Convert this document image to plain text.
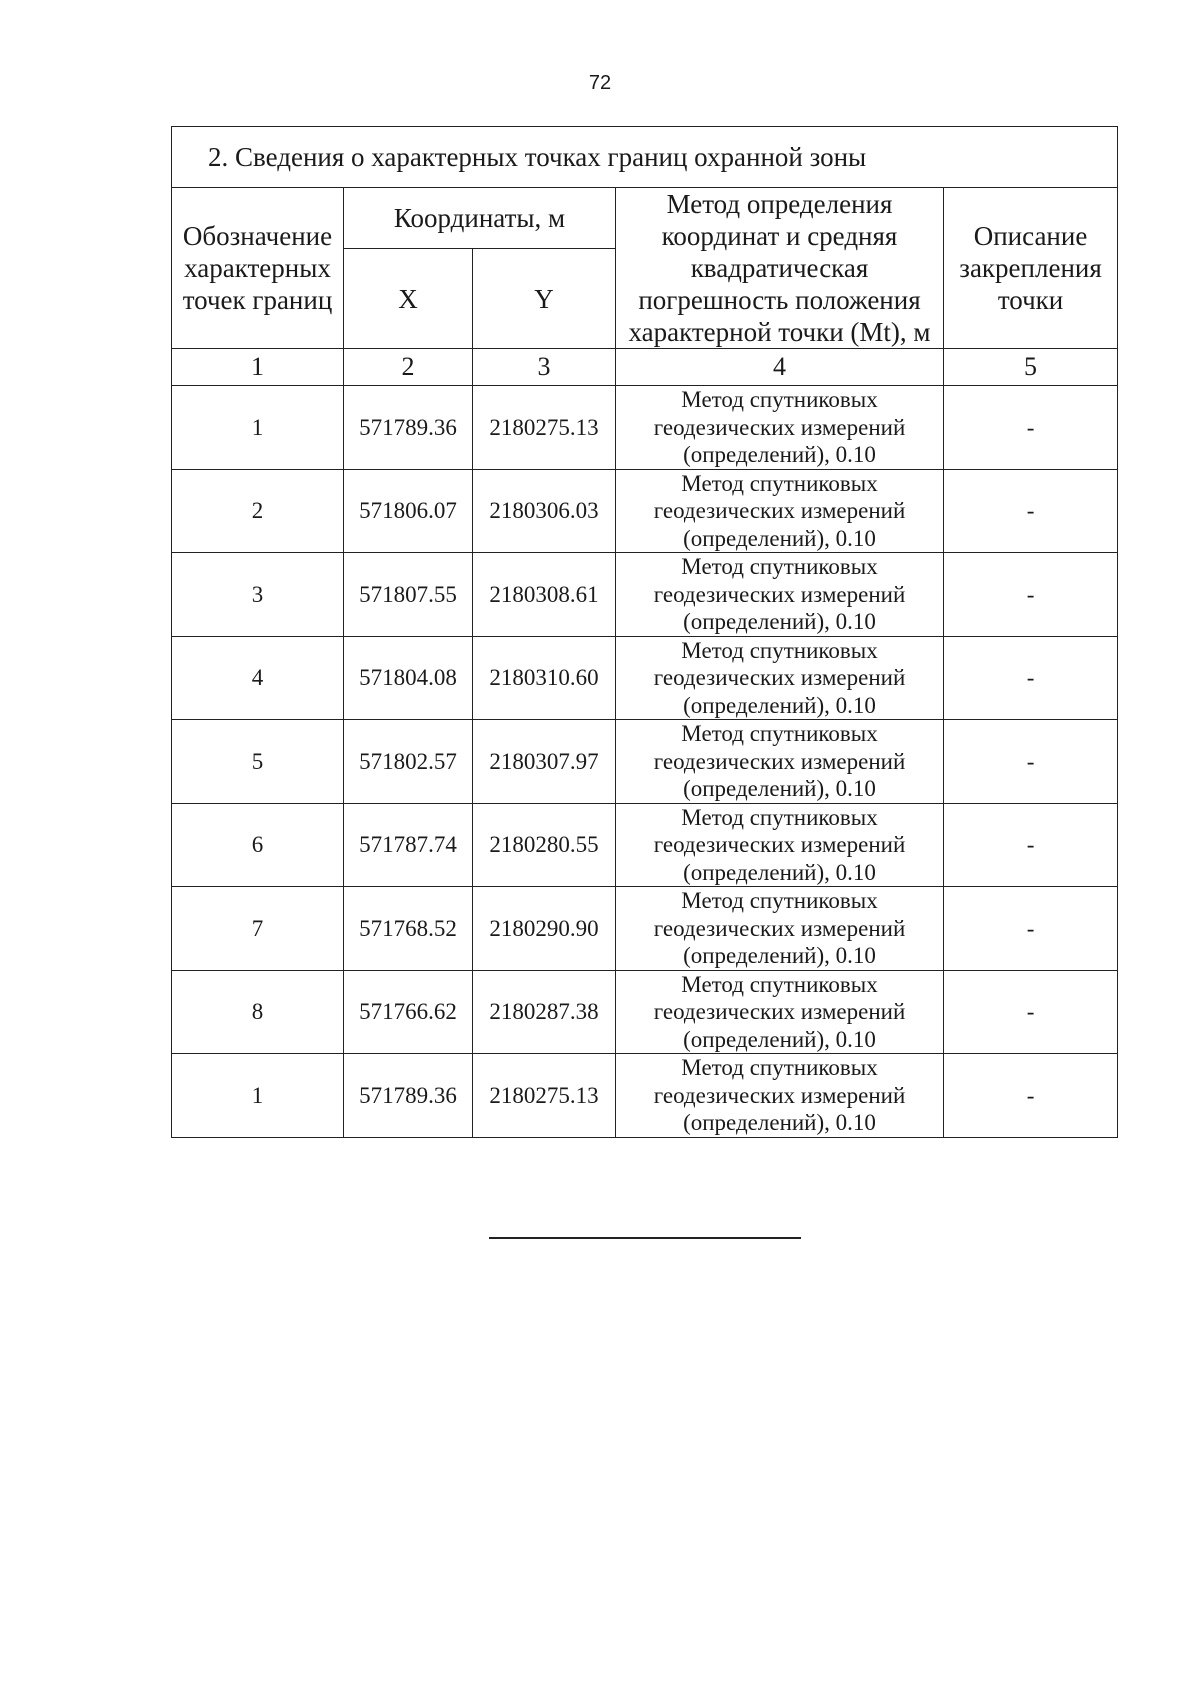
72
2. Сведения о характерных точках границ охранной зоны				
Обозначение характерных точек границ	Координаты, м		Метод определения координат и средняя квадратическая погрешность положения характерной точки (Mt), м	Описание закрепления точки
	X	Y		
1	2	3	4	5
1	571789.36	2180275.13	Метод спутниковых геодезических измерений (определений), 0.10	-
2	571806.07	2180306.03	Метод спутниковых геодезических измерений (определений), 0.10	-
3	571807.55	2180308.61	Метод спутниковых геодезических измерений (определений), 0.10	-
4	571804.08	2180310.60	Метод спутниковых геодезических измерений (определений), 0.10	-
5	571802.57	2180307.97	Метод спутниковых геодезических измерений (определений), 0.10	-
6	571787.74	2180280.55	Метод спутниковых геодезических измерений (определений), 0.10	-
7	571768.52	2180290.90	Метод спутниковых геодезических измерений (определений), 0.10	-
8	571766.62	2180287.38	Метод спутниковых геодезических измерений (определений), 0.10	-
1	571789.36	2180275.13	Метод спутниковых геодезических измерений (определений), 0.10	-
